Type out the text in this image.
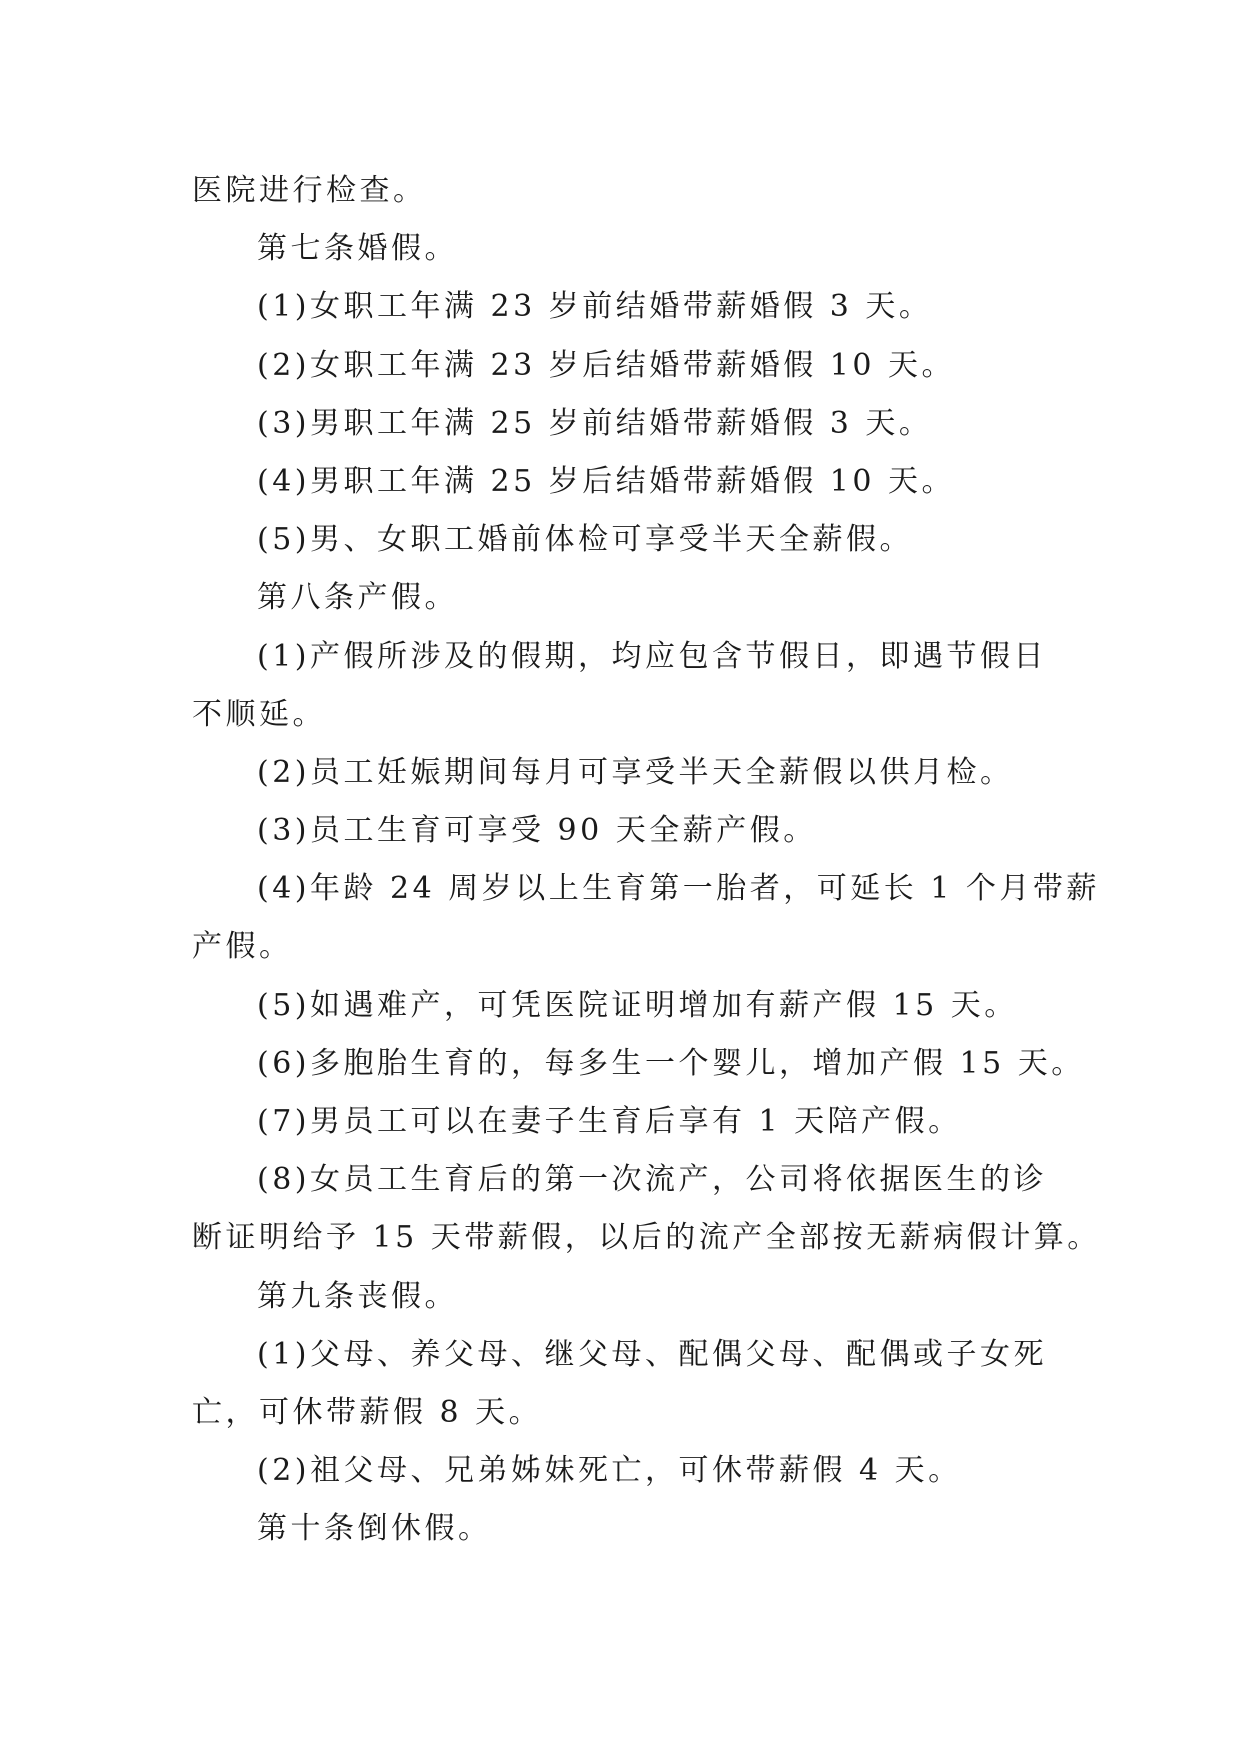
医院进行检查。
第七条婚假。
(1)女职工年满 23 岁前结婚带薪婚假 3 天。
(2)女职工年满 23 岁后结婚带薪婚假 10 天。
(3)男职工年满 25 岁前结婚带薪婚假 3 天。
(4)男职工年满 25 岁后结婚带薪婚假 10 天。
(5)男、女职工婚前体检可享受半天全薪假。
第八条产假。
(1)产假所涉及的假期，均应包含节假日，即遇节假日
不顺延。
(2)员工妊娠期间每月可享受半天全薪假以供月检。
(3)员工生育可享受 90 天全薪产假。
(4)年龄 24 周岁以上生育第一胎者，可延长 1 个月带薪
产假。
(5)如遇难产，可凭医院证明增加有薪产假 15 天。
(6)多胞胎生育的，每多生一个婴儿，增加产假 15 天。
(7)男员工可以在妻子生育后享有 1 天陪产假。
(8)女员工生育后的第一次流产，公司将依据医生的诊
断证明给予 15 天带薪假，以后的流产全部按无薪病假计算。
第九条丧假。
(1)父母、养父母、继父母、配偶父母、配偶或子女死
亡，可休带薪假 8 天。
(2)祖父母、兄弟姊妹死亡，可休带薪假 4 天。
第十条倒休假。
